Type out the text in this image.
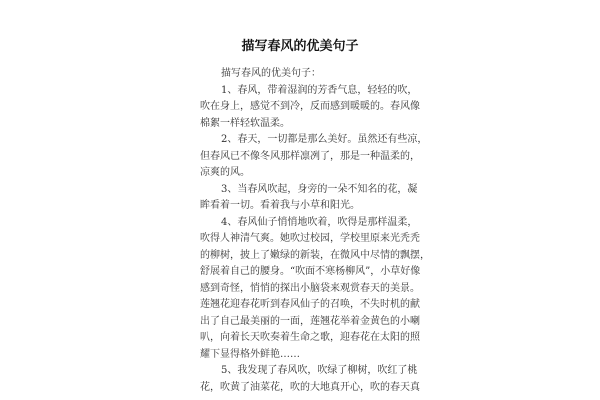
描写春风的优美句子
描写春风的优美句子：
1、春风，带着湿润的芳香气息，轻轻的吹，
吹在身上，感觉不到冷，反而感到暖暖的。春风像
棉絮一样轻软温柔。
2、春天，一切都是那么美好。虽然还有些凉，
但春风已不像冬风那样凛冽了，那是一种温柔的，
凉爽的风。
3、当春风吹起，身旁的一朵不知名的花，凝
眸看着一切。看着我与小草和阳光。
4、春风仙子悄悄地吹着，吹得是那样温柔，
吹得人神清气爽。她吹过校园，学校里原来光秃秃
的柳树，披上了嫩绿的新装，在微风中尽情的飘摆，
舒展着自己的腰身。“吹面不寒杨柳风”，小草好像
感到奇怪，悄悄的探出小脑袋来观赏春天的美景。
莲翘花迎春花听到春风仙子的召唤，不失时机的献
出了自己最美丽的一面，莲翘花举着金黄色的小喇
叭，向着长天吹奏着生命之歌，迎春花在太阳的照
耀下显得格外鲜艳……
5、我发现了春风吹，吹绿了柳树，吹红了桃
花，吹黄了油菜花，吹的大地真开心，吹的春天真
